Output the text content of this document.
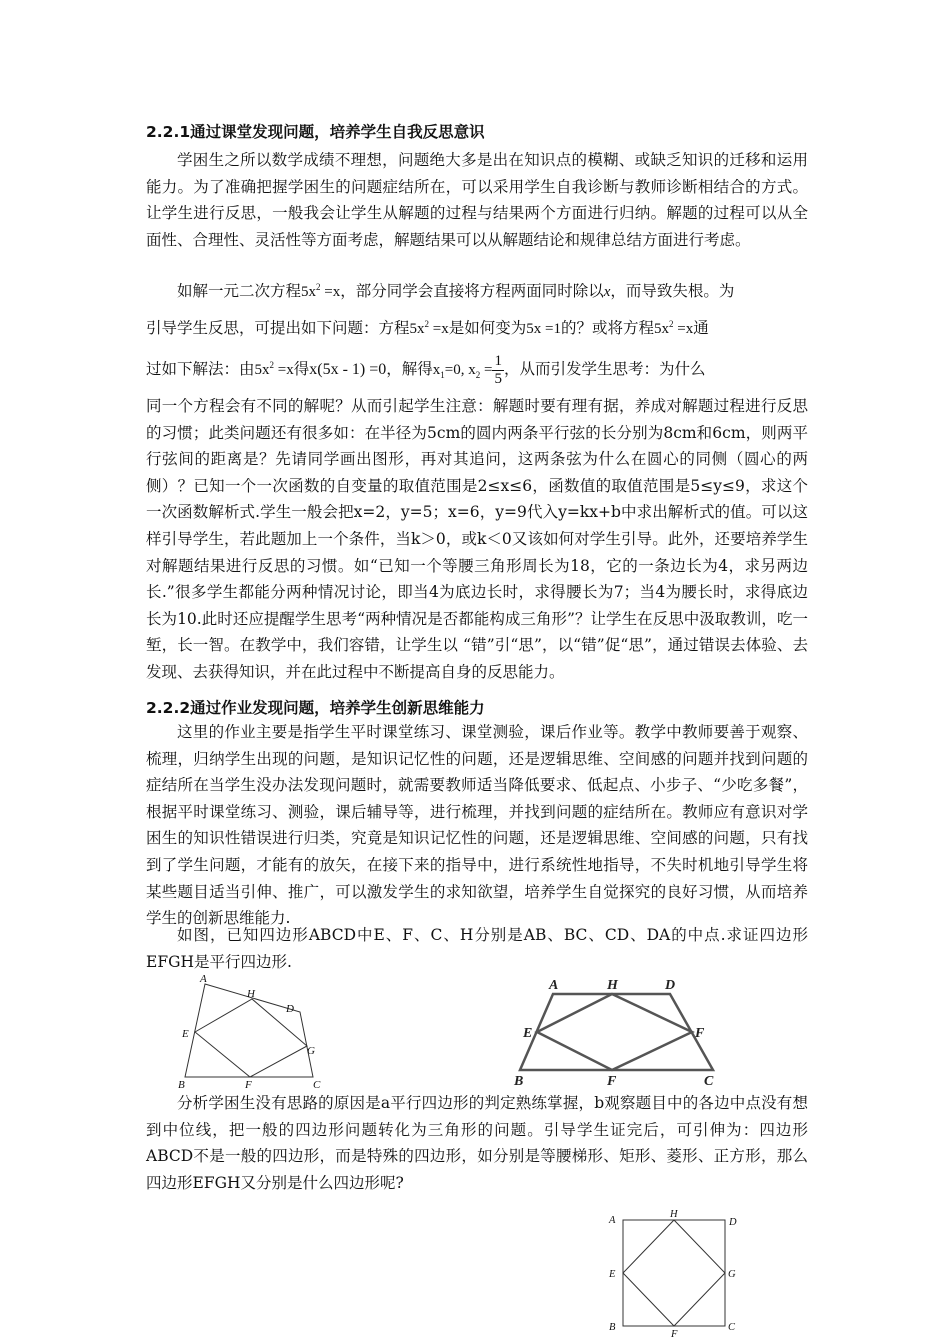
2.2.1通过课堂发现问题，培养学生自我反思意识

学困生之所以数学成绩不理想，问题绝大多是出在知识点的模糊、或缺乏知识的迁移和运用能力。为了准确把握学困生的问题症结所在，可以采用学生自我诊断与教师诊断相结合的方式。让学生进行反思，一般我会让学生从解题的过程与结果两个方面进行归纳。解题的过程可以从全面性、合理性、灵活性等方面考虑，解题结果可以从解题结论和规律总结方面进行考虑。

如解一元二次方程$5x^2 =x$，部分同学会直接将方程两面同时除以x，而导致失根。为
引导学生反思，可提出如下问题：方程$5x^2 =x$是如何变为5x =1的？或将方程$5x^2 =x$通
过如下解法：由$5x^2 =x$得x(5x - 1) =0，解得$x_1=0$, $x_2 = \frac{1}{5}$ ，从而引发学生思考：为什么

同一个方程会有不同的解呢？从而引起学生注意：解题时要有理有据，养成对解题过程进行反思的习惯；此类问题还有很多如：在半径为5cm的圆内两条平行弦的长分别为8cm和6cm，则两平行弦间的距离是？先请同学画出图形，再对其追问，这两条弦为什么在圆心的同侧（圆心的两侧）？已知一个一次函数的自变量的取值范围是2≤x≤6，函数值的取值范围是5≤y≤9，求这个一次函数解析式.学生一般会把x=2，y=5；x=6，y=9代入y=kx+b中求出解析式的值。可以这样引导学生，若此题加上一个条件，当k＞0，或k＜0又该如何对学生引导。此外，还要培养学生对解题结果进行反思的习惯。如“已知一个等腰三角形周长为18，它的一条边长为4，求另两边长.”很多学生都能分两种情况讨论，即当4为底边长时，求得腰长为7；当4为腰长时，求得底边长为10.此时还应提醒学生思考“两种情况是否都能构成三角形”？让学生在反思中汲取教训，吃一堑，长一智。在教学中，我们容错，让学生以 “错”引“思”，以“错”促“思”，通过错误去体验、去发现、去获得知识，并在此过程中不断提高自身的反思能力。

2.2.2通过作业发现问题，培养学生创新思维能力

这里的作业主要是指学生平时课堂练习、课堂测验，课后作业等。教学中教师要善于观察、梳理，归纳学生出现的问题，是知识记忆性的问题，还是逻辑思维、空间感的问题并找到问题的症结所在当学生没办法发现问题时，就需要教师适当降低要求、低起点、小步子、“少吃多餐”，根据平时课堂练习、测验，课后辅导等，进行梳理，并找到问题的症结所在。教师应有意识对学困生的知识性错误进行归类，究竟是知识记忆性的问题，还是逻辑思维、空间感的问题，只有找到了学生问题，才能有的放矢，在接下来的指导中，进行系统性地指导，不失时机地引导学生将某些题目适当引伸、推广，可以激发学生的求知欲望，培养学生自觉探究的良好习惯，从而培养学生的创新思维能力.

如图，已知四边形ABCD中E、F、C、H分别是AB、BC、CD、DA的中点.求证四边形EFGH是平行四边形.

A
H
D
E
G
B	F	C
A	H	D
E	F
B	F	C

分析学困生没有思路的原因是a平行四边形的判定熟练掌握，b观察题目中的各边中点没有想到中位线，把一般的四边形问题转化为三角形的问题。引导学生证完后，可引伸为：四边形ABCD不是一般的四边形，而是特殊的四边形，如分别是等腰梯形、矩形、菱形、正方形，那么四边形EFGH又分别是什么四边形呢?

A
H
D
E	G
B
F
C
